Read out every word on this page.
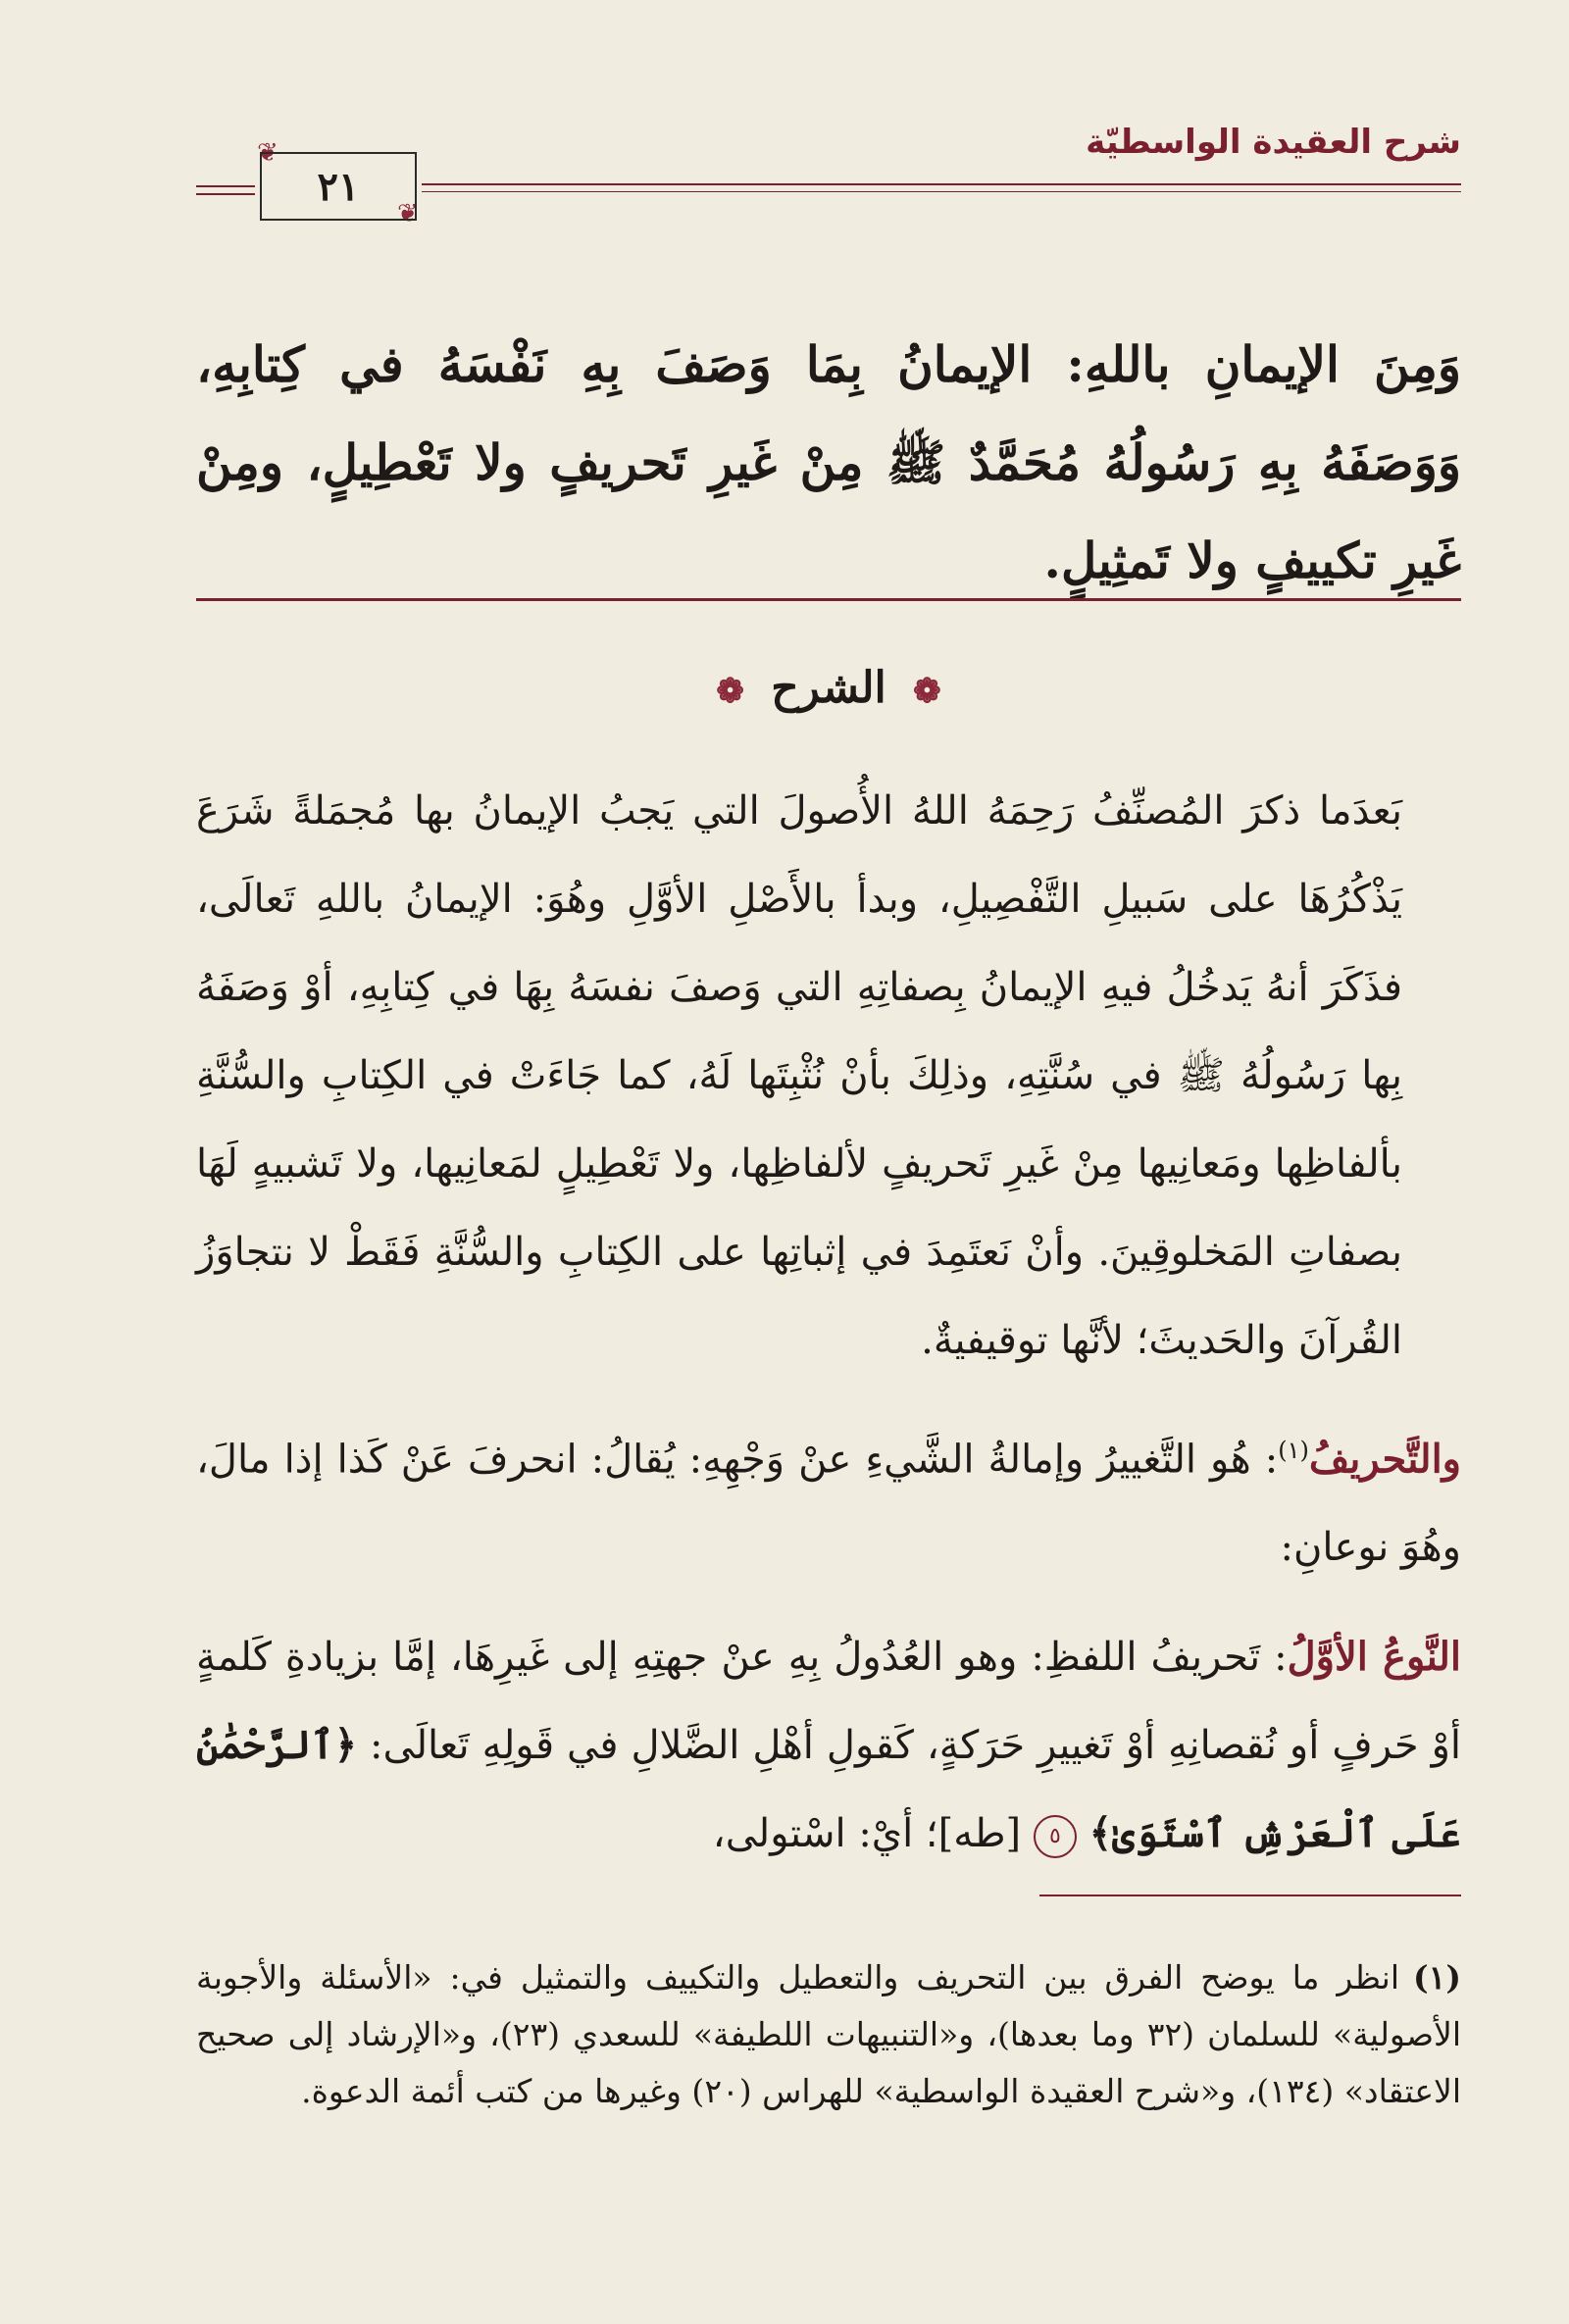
شرح العقيدة الواسطيّة
❦
❦
٢١

وَمِنَ الإيمانِ باللهِ: الإيمانُ بِمَا وَصَفَ بِهِ نَفْسَهُ في كِتابِهِ، وَوَصَفَهُ بِهِ رَسُولُهُ مُحَمَّدٌ ﷺ مِنْ غَيرِ تَحريفٍ ولا تَعْطِيلٍ، ومِنْ غَيرِ تكييفٍ ولا تَمثِيلٍ.

❁ الشرح ❁

بَعدَما ذكرَ المُصنِّفُ رَحِمَهُ اللهُ الأُصولَ التي يَجبُ الإيمانُ بها مُجمَلةً شَرَعَ يَذْكُرُهَا على سَبيلِ التَّفْصِيلِ، وبدأ بالأَصْلِ الأوَّلِ وهُوَ: الإيمانُ باللهِ تَعالَى، فذَكَرَ أنهُ يَدخُلُ فيهِ الإيمانُ بِصفاتِهِ التي وَصفَ نفسَهُ بِهَا في كِتابِهِ، أوْ وَصَفَهُ بِها رَسُولُهُ ﷺ في سُنَّتِهِ، وذلِكَ بأنْ نُثْبِتَها لَهُ، كما جَاءَتْ في الكِتابِ والسُّنَّةِ بألفاظِها ومَعانِيها مِنْ غَيرِ تَحريفٍ لألفاظِها، ولا تَعْطِيلٍ لمَعانِيها، ولا تَشبيهٍ لَهَا بصفاتِ المَخلوقِينَ. وأنْ نَعتَمِدَ في إثباتِها على الكِتابِ والسُّنَّةِ فَقَطْ لا نتجاوَزُ القُرآنَ والحَديثَ؛ لأنَّها توقيفيةٌ.

والتَّحريفُ$^{(١)}$: هُو التَّغييرُ وإمالةُ الشَّيءِ عنْ وَجْهِهِ: يُقالُ: انحرفَ عَنْ كَذا إذا مالَ، وهُوَ نوعانِ:

النَّوعُ الأوَّلُ: تَحريفُ اللفظِ: وهو العُدُولُ بِهِ عنْ جهتِهِ إلى غَيرِهَا، إمَّا بزيادةِ كَلمةٍ أوْ حَرفٍ أو نُقصانِهِ أوْ تَغييرِ حَرَكةٍ، كَقولِ أهْلِ الضَّلالِ في قَولِهِ تَعالَى: ﴿ٱلرَّحْمَٰنُ عَلَى ٱلْعَرْشِ ٱسْتَوَىٰ﴾ ٥ [طه]؛ أيْ: اسْتولى،

(١)انظر ما يوضح الفرق بين التحريف والتعطيل والتكييف والتمثيل في: «الأسئلة والأجوبة الأصولية» للسلمان (٣٢ وما بعدها)، و«التنبيهات اللطيفة» للسعدي (٢٣)، و«الإرشاد إلى صحيح الاعتقاد» (١٣٤)، و«شرح العقيدة الواسطية» للهراس (٢٠) وغيرها من كتب أئمة الدعوة.
